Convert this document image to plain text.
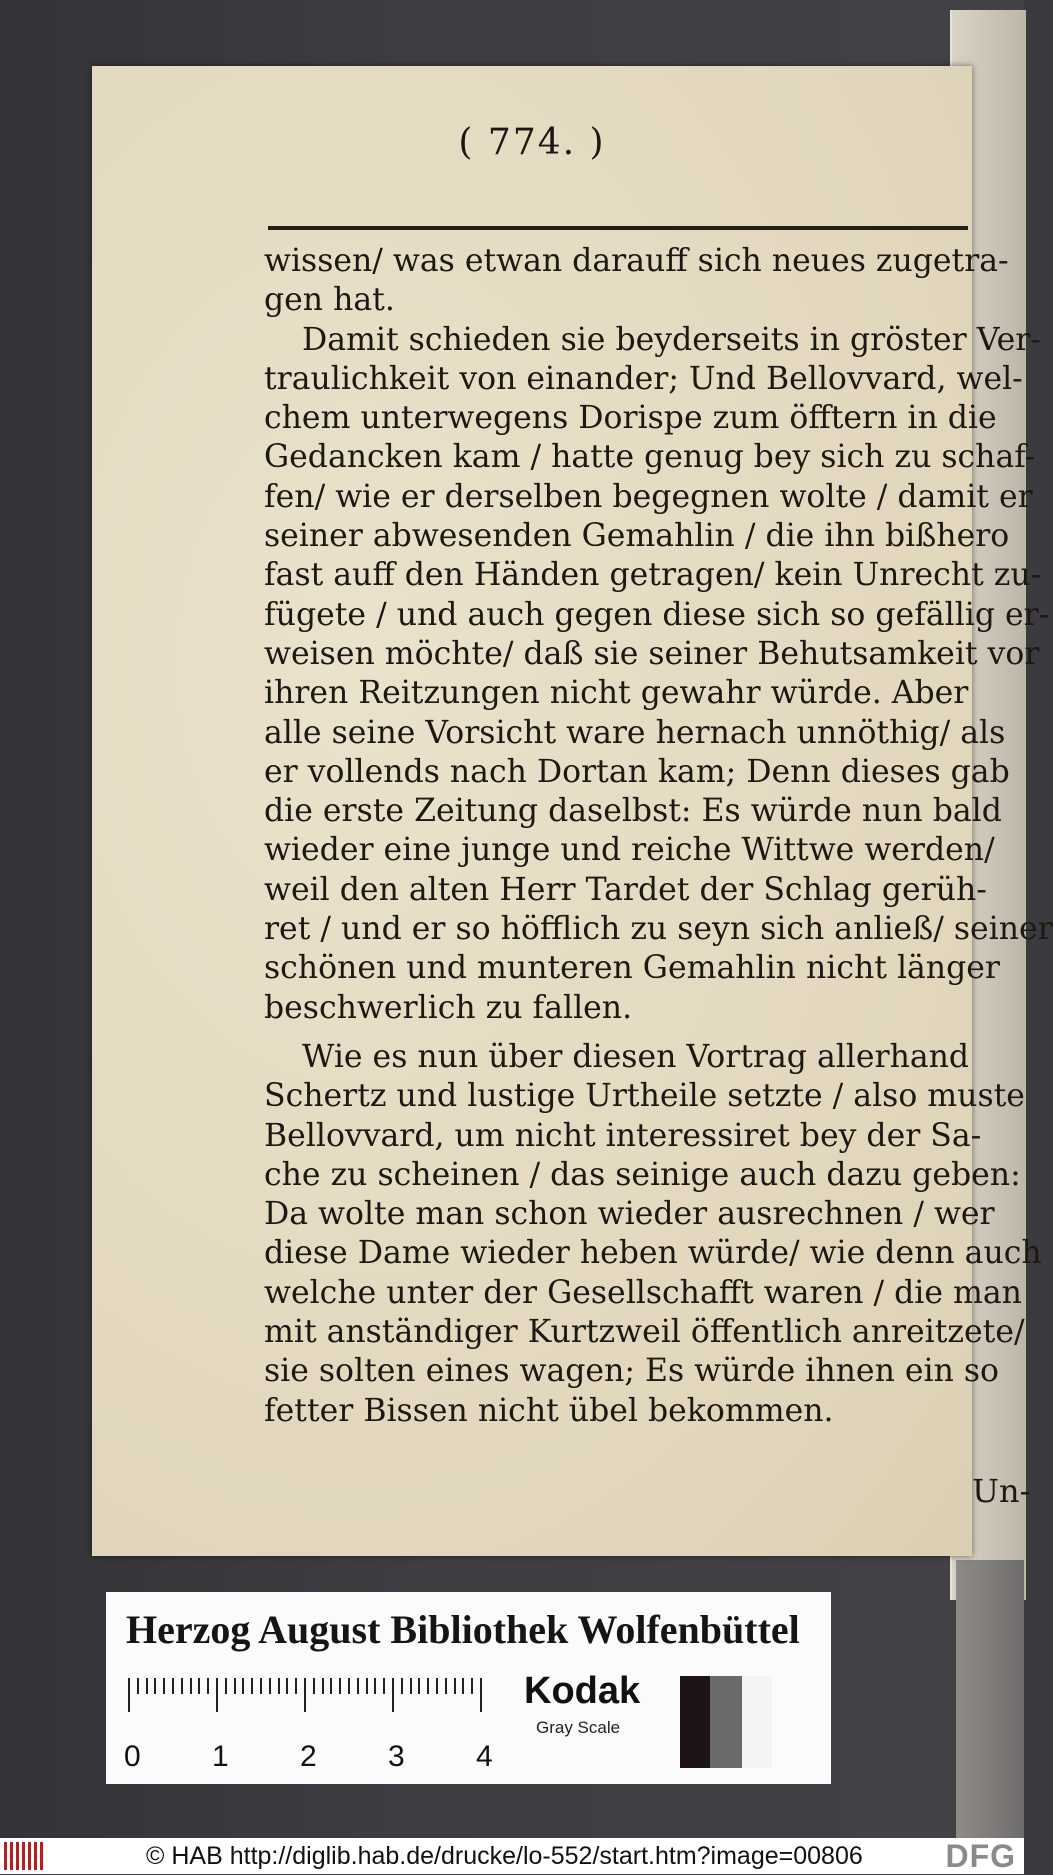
( 774. )
wissen/ was etwan darauff sich neues zugetra-
gen hat.
Damit schieden sie beyderseits in gröster Ver-
traulichkeit von einander; Und Bellovvard, wel-
chem unterwegens Dorispe zum öfftern in die
Gedancken kam / hatte genug bey sich zu schaf-
fen/ wie er derselben begegnen wolte / damit er
seiner abwesenden Gemahlin / die ihn bißhero
fast auff den Händen getragen/ kein Unrecht zu-
fügete / und auch gegen diese sich so gefällig er-
weisen möchte/ daß sie seiner Behutsamkeit vor
ihren Reitzungen nicht gewahr würde. Aber
alle seine Vorsicht ware hernach unnöthig/ als
er vollends nach Dortan kam; Denn dieses gab
die erste Zeitung daselbst: Es würde nun bald
wieder eine junge und reiche Wittwe werden/
weil den alten Herr Tardet der Schlag gerüh-
ret / und er so höfflich zu seyn sich anließ/ seiner
schönen und munteren Gemahlin nicht länger
beschwerlich zu fallen.
Wie es nun über diesen Vortrag allerhand
Schertz und lustige Urtheile setzte / also muste
Bellovvard, um nicht interessiret bey der Sa-
che zu scheinen / das seinige auch dazu geben:
Da wolte man schon wieder ausrechnen / wer
diese Dame wieder heben würde/ wie denn auch
welche unter der Gesellschafft waren / die man
mit anständiger Kurtzweil öffentlich anreitzete/
sie solten eines wagen; Es würde ihnen ein so
fetter Bissen nicht übel bekommen.
Un-
Herzog August Bibliothek Wolfenbüttel
0 1 2 3 4
Kodak
Gray Scale
© HAB http://diglib.hab.de/drucke/lo-552/start.htm?image=00806	DFG
